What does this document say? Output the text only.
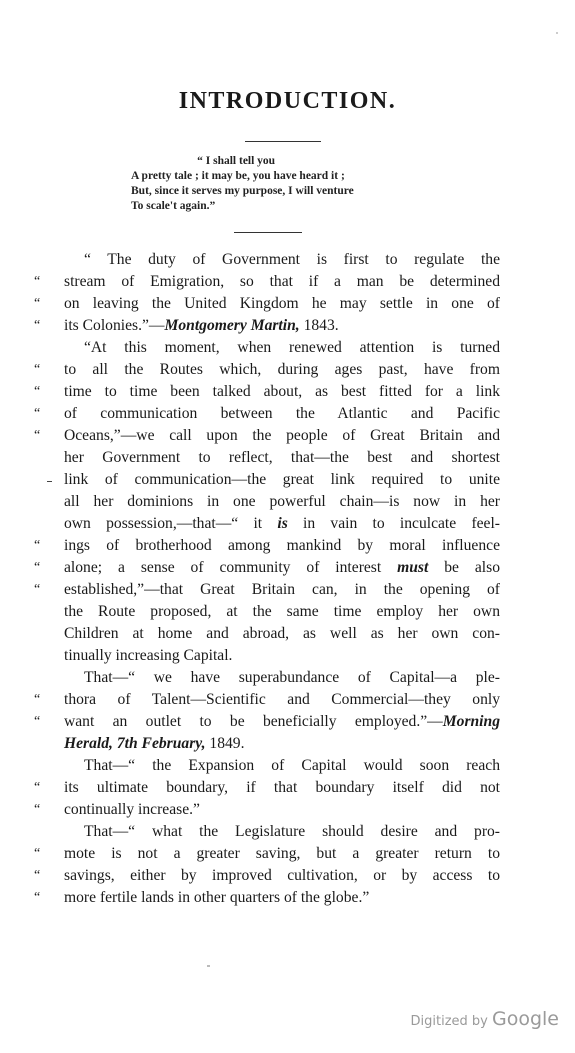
INTRODUCTION.
“ I shall tell you
A pretty tale ; it may be, you have heard it ;
But, since it serves my purpose, I will venture
To scale't again.”
“ The duty of Government is first to regulate the
“	stream of Emigration, so that if a man be determined
“	on leaving the United Kingdom he may settle in one of
“	its Colonies.”—Montgomery Martin, 1843.
“At this moment, when renewed attention is turned
“	to all the Routes which, during ages past, have from
“	time to time been talked about, as best fitted for a link
“	of communication between the Atlantic and Pacific
“	Oceans,”—we call upon the people of Great Britain and
her Government to reflect, that—the best and shortest
link of communication—the great link required to unite
all her dominions in one powerful chain—is now in her
own possession,—that—“ it is in vain to inculcate feel-
“	ings of brotherhood among mankind by moral influence
“	alone; a sense of community of interest must be also
“	established,”—that Great Britain can, in the opening of
the Route proposed, at the same time employ her own
Children at home and abroad, as well as her own con-
tinually increasing Capital.
That—“ we have superabundance of Capital—a ple-
“	thora of Talent—Scientific and Commercial—they only
“	want an outlet to be beneficially employed.”—Morning
Herald, 7th February, 1849.
That—“ the Expansion of Capital would soon reach
“	its ultimate boundary, if that boundary itself did not
“	continually increase.”
That—“ what the Legislature should desire and pro-
“	mote is not a greater saving, but a greater return to
“	savings, either by improved cultivation, or by access to
“	more fertile lands in other quarters of the globe.”
Digitized by Google
